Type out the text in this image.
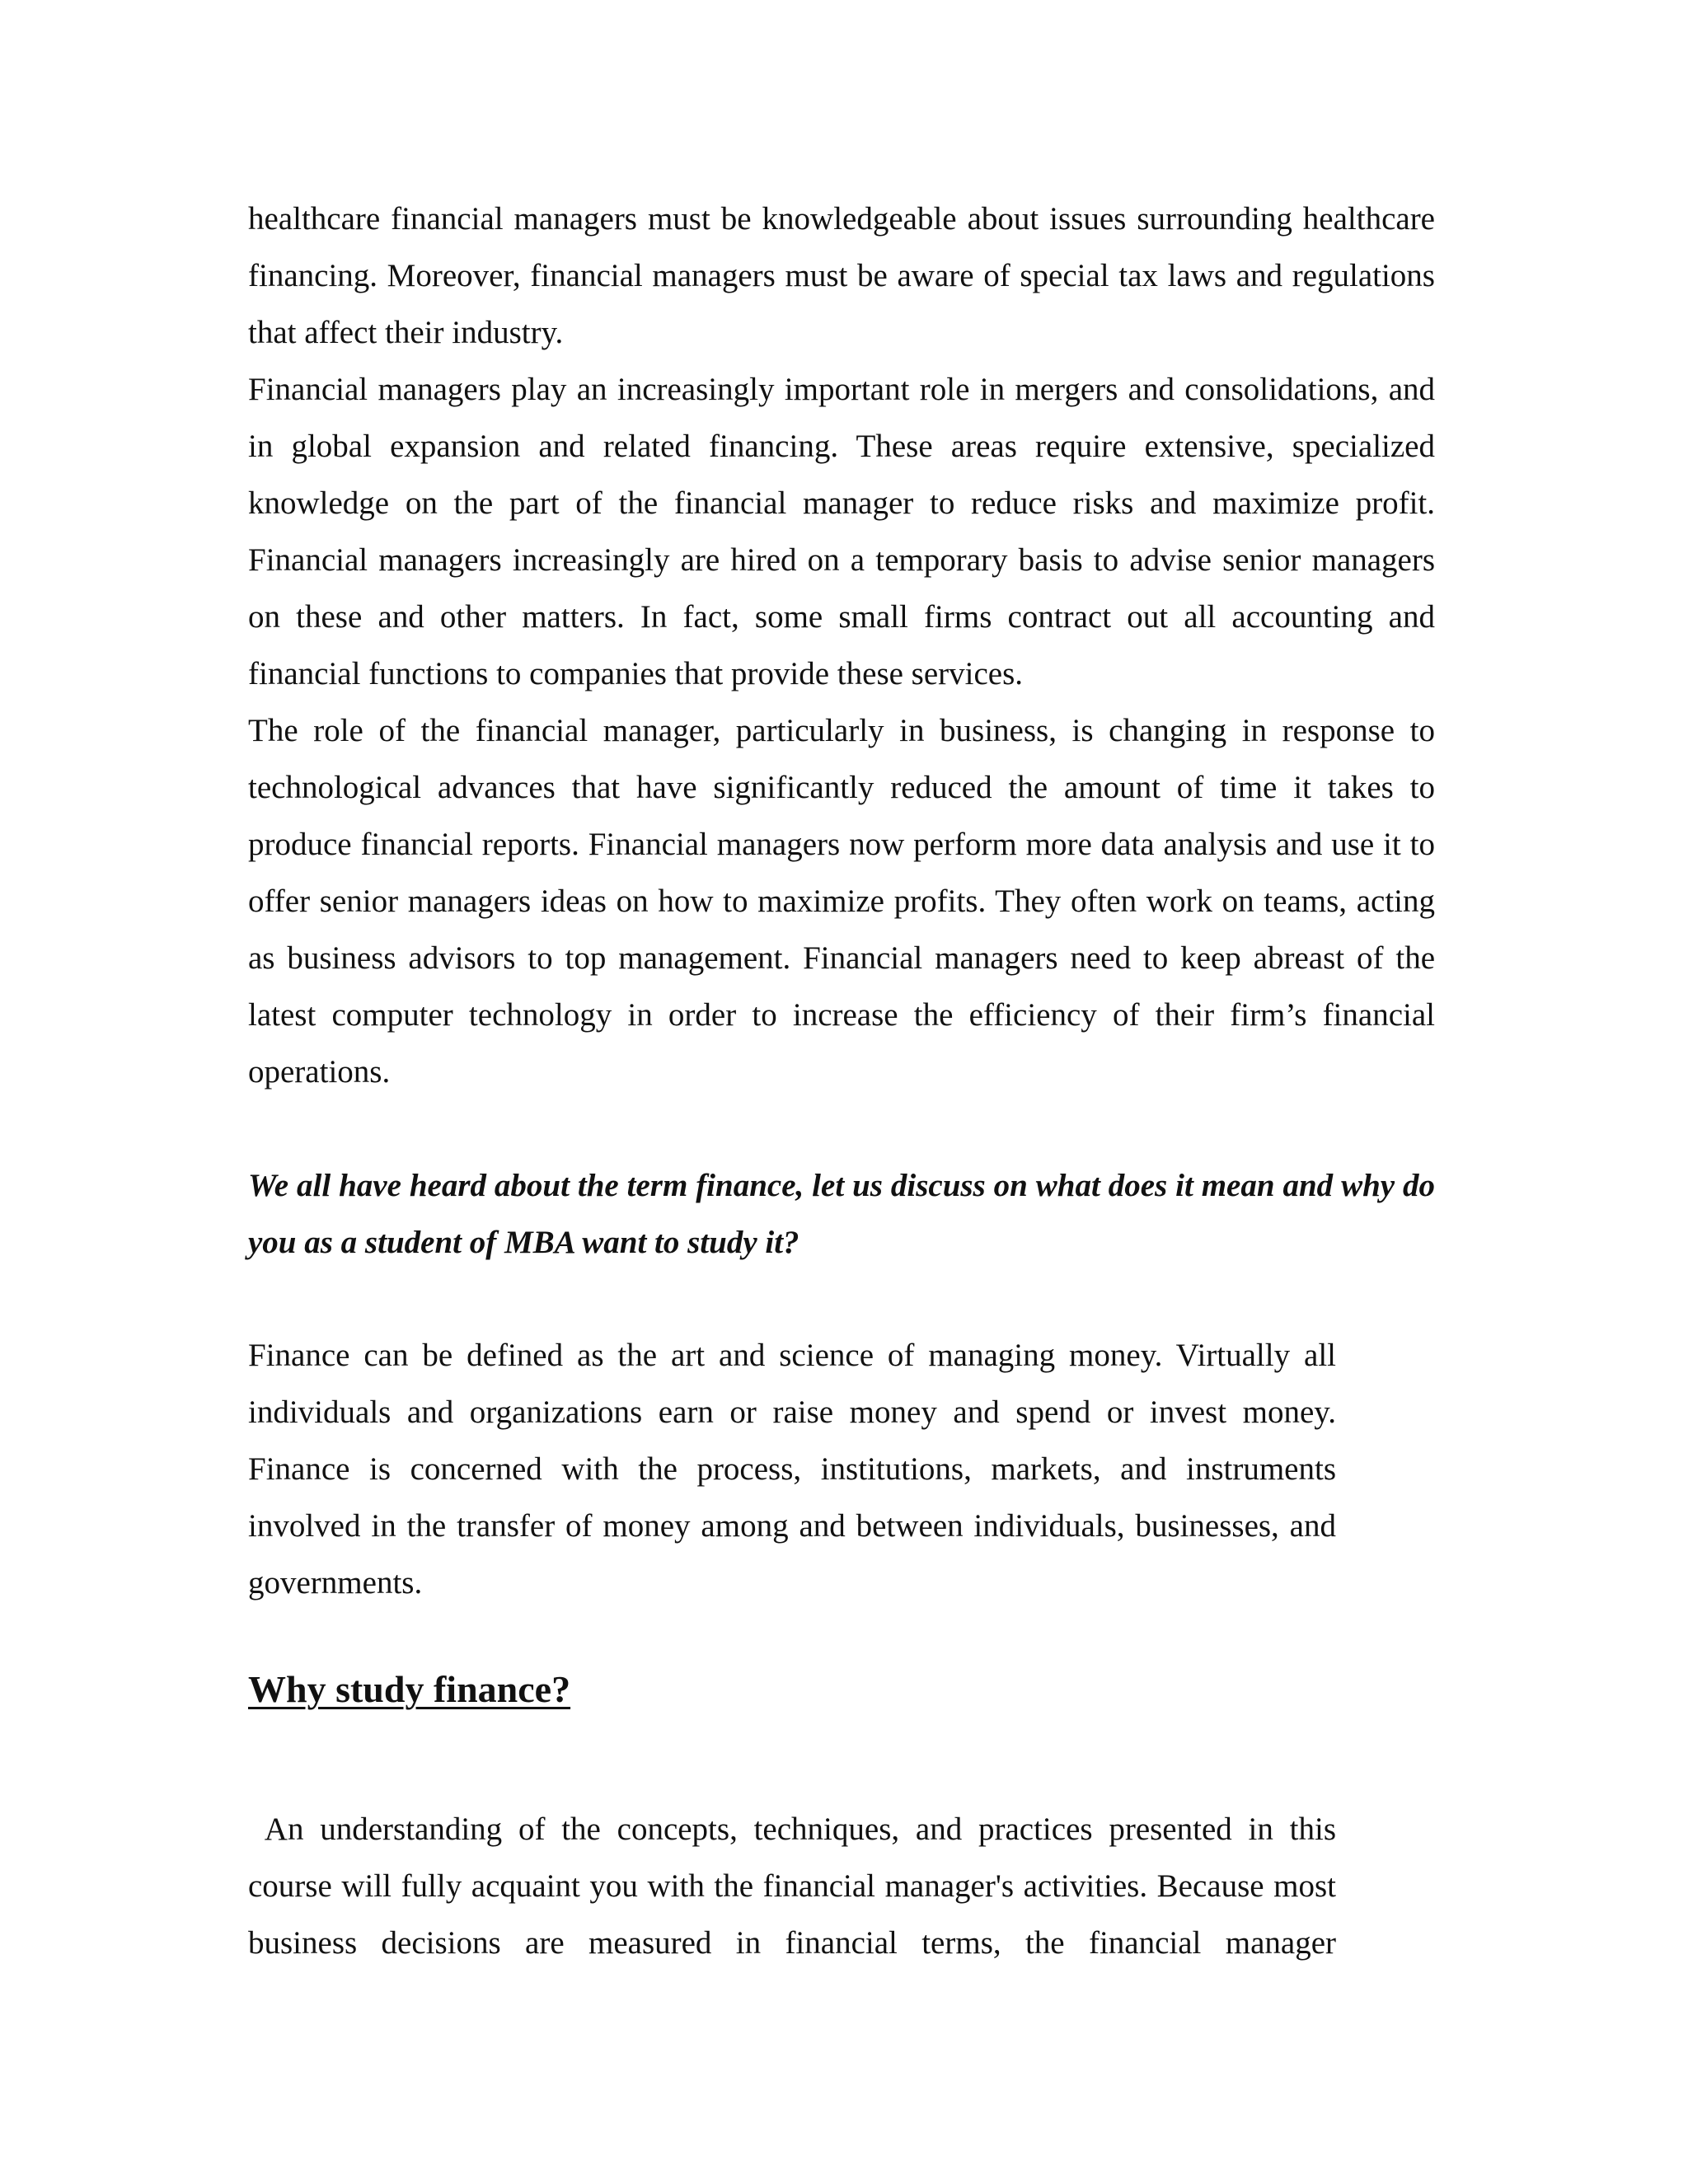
healthcare financial managers must be knowledgeable about issues surrounding healthcare financing. Moreover, financial managers must be aware of special tax laws and regulations that affect their industry.

Financial managers play an increasingly important role in mergers and consolidations, and in global expansion and related financing. These areas require extensive, specialized knowledge on the part of the financial manager to reduce risks and maximize profit. Financial managers increasingly are hired on a temporary basis to advise senior managers on these and other matters. In fact, some small firms contract out all accounting and financial functions to companies that provide these services.

The role of the financial manager, particularly in business, is changing in response to technological advances that have significantly reduced the amount of time it takes to produce financial reports. Financial managers now perform more data analysis and use it to offer senior managers ideas on how to maximize profits. They often work on teams, acting as business advisors to top management. Financial managers need to keep abreast of the latest computer technology in order to increase the efficiency of their firm’s financial operations.

We all have heard about the term finance, let us discuss on what does it mean and why do you as a student of MBA want to study it?

Finance can be defined as the art and science of managing money. Virtually all individuals and organizations earn or raise money and spend or invest money. Finance is concerned with the process, institutions, markets, and instruments involved in the transfer of money among and between individuals, businesses, and governments.

Why study finance?

An understanding of the concepts, techniques, and practices presented in this course will fully acquaint you with the financial manager's activities. Because most business decisions are measured in financial terms, the financial manager
